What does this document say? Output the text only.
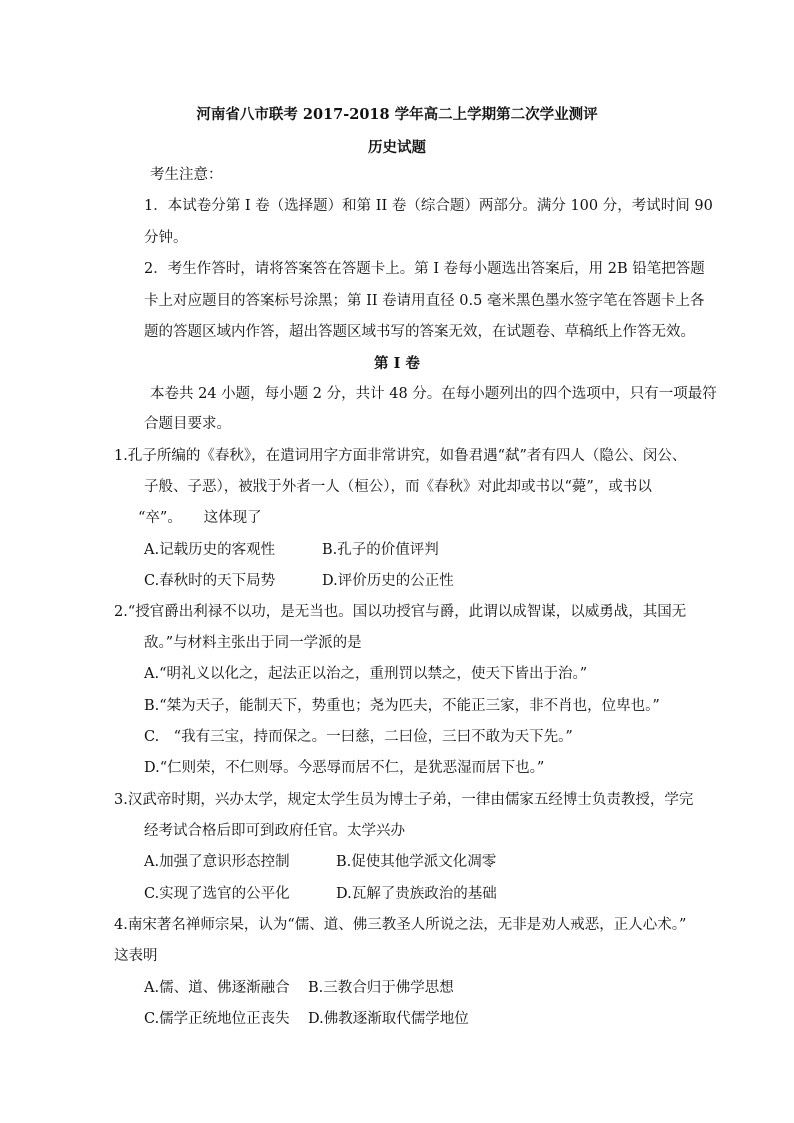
河南省八市联考 2017-2018 学年高二上学期第二次学业测评
历史试题
考生注意：
1．本试卷分第 I 卷（选择题）和第 II 卷（综合题）两部分。满分 100 分，考试时间 90
分钟。
2．考生作答时，请将答案答在答题卡上。第 I 卷每小题选出答案后，用 2B 铅笔把答题
卡上对应题目的答案标号涂黑；第 II 卷请用直径 0.5 毫米黑色墨水签字笔在答题卡上各
题的答题区域内作答，超出答题区域书写的答案无效，在试题卷、草稿纸上作答无效。
第 I 卷
本卷共 24 小题，每小题 2 分，共计 48 分。在每小题列出的四个选项中，只有一项最符
合题目要求。
1.孔子所编的《春秋》，在遣词用字方面非常讲究，如鲁君遇“弑”者有四人（隐公、闵公、
子般、子恶），被戕于外者一人（桓公），而《春秋》对此却或书以“薨”，或书以
“卒”。　　这体现了
A.记载历史的客观性	B.孔子的价值评判
C.春秋时的天下局势	D.评价历史的公正性
2.“授官爵出利禄不以功，是无当也。国以功授官与爵，此谓以成智谋，以威勇战，其国无
敌。”与材料主张出于同一学派的是
A.“明礼义以化之，起法正以治之，重刑罚以禁之，使天下皆出于治。”
B.“桀为天子，能制天下，势重也；尧为匹夫，不能正三家，非不肖也，位卑也。”
C.　“我有三宝，持而保之。一曰慈，二曰俭，三曰不敢为天下先。”
D.“仁则荣，不仁则辱。今恶辱而居不仁，是犹恶湿而居下也。”
3.汉武帝时期，兴办太学，规定太学生员为博士子弟，一律由儒家五经博士负责教授，学完
经考试合格后即可到政府任官。太学兴办
A.加强了意识形态控制	B.促使其他学派文化凋零
C.实现了选官的公平化	D.瓦解了贵族政治的基础
4.南宋著名禅师宗杲，认为“儒、道、佛三教圣人所说之法，无非是劝人戒恶，正人心术。”
这表明
A.儒、道、佛逐渐融合 B.三教合归于佛学思想
C.儒学正统地位正丧失 D.佛教逐渐取代儒学地位
